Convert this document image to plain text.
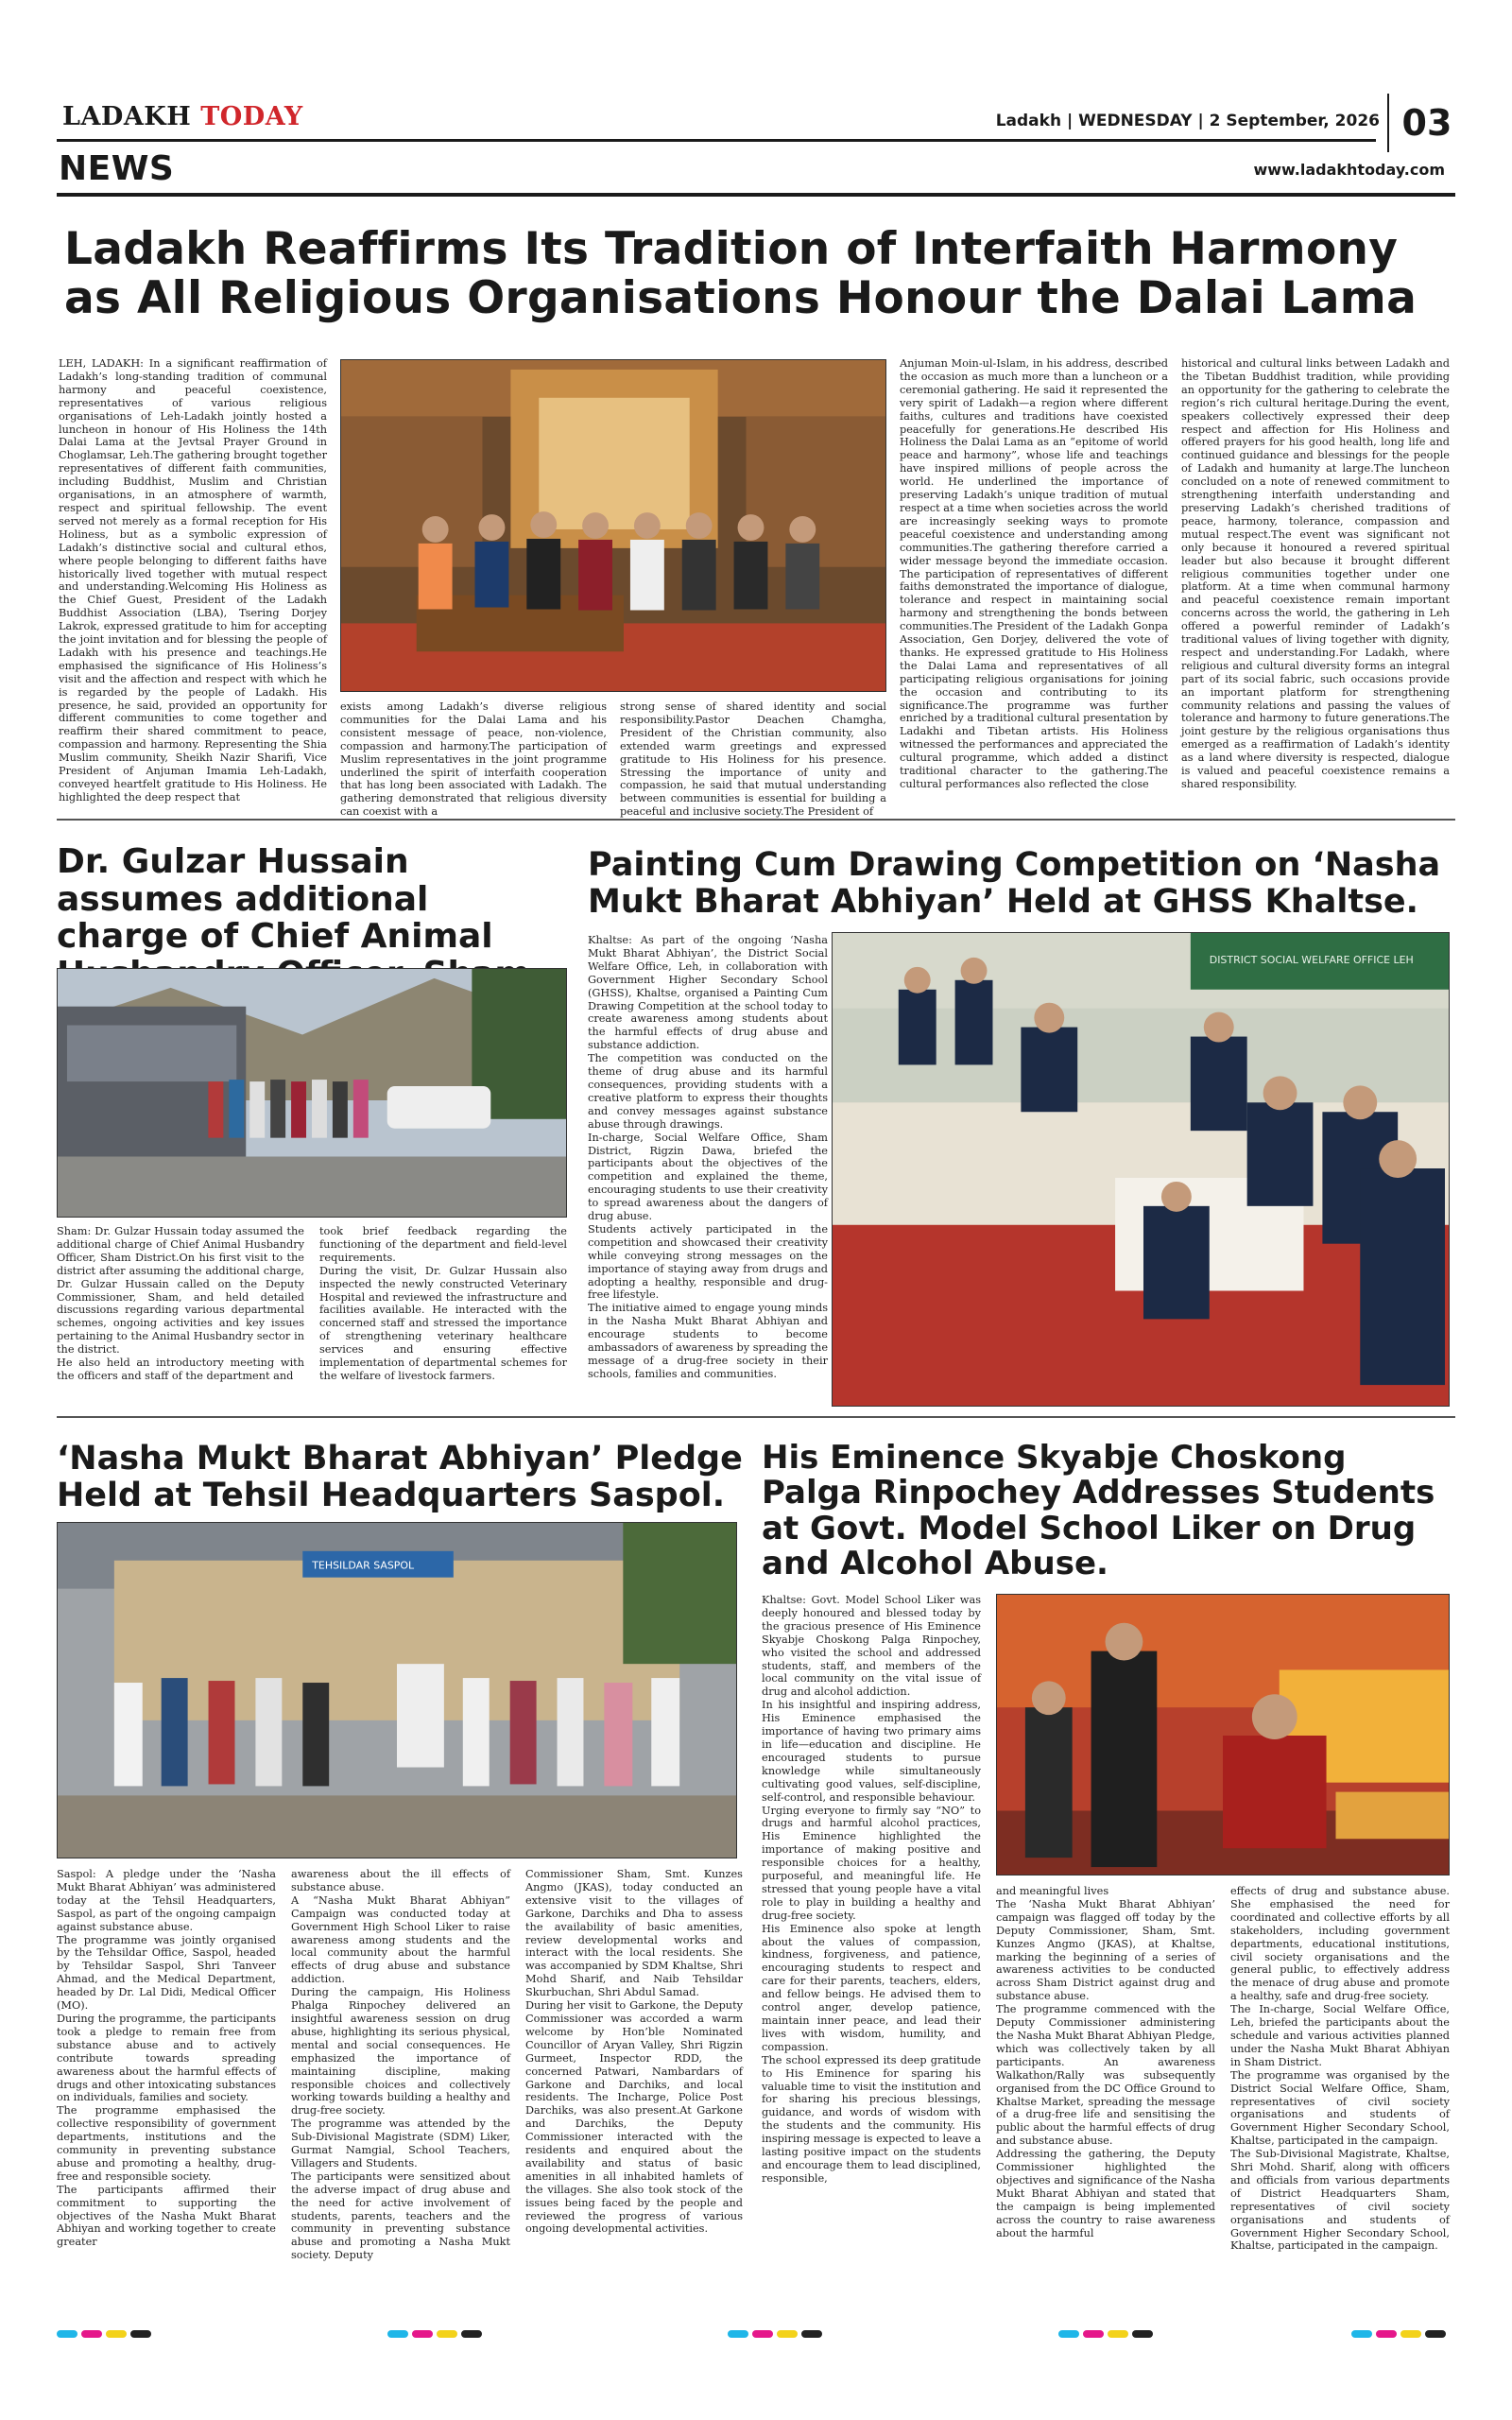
LADAKH TODAY	Ladakh | WEDNESDAY | 2 September, 2026 03
NEWS	www.ladakhtoday.com
Ladakh Reaffirms Its Tradition of Interfaith Harmony as All Religious Organisations Honour the Dalai Lama
LEH, LADAKH: In a significant reaffirmation of Ladakh’s long-standing tradition of communal harmony and peaceful coexistence, representatives of various religious organisations of Leh-Ladakh jointly hosted a luncheon in honour of His Holiness the 14th Dalai Lama at the Jevtsal Prayer Ground in Choglamsar, Leh.The gathering brought together representatives of different faith communities, including Buddhist, Muslim and Christian organisations, in an atmosphere of warmth, respect and spiritual fellowship. The event served not merely as a formal reception for His Holiness, but as a symbolic expression of Ladakh’s distinctive social and cultural ethos, where people belonging to different faiths have historically lived together with mutual respect and understanding.Welcoming His Holiness as the Chief Guest, President of the Ladakh Buddhist Association (LBA), Tsering Dorjey Lakrok, expressed gratitude to him for accepting the joint invitation and for blessing the people of Ladakh with his presence and teachings.He emphasised the significance of His Holiness’s visit and the affection and respect with which he is regarded by the people of Ladakh. His presence, he said, provided an opportunity for different communities to come together and reaffirm their shared commitment to peace, compassion and harmony. Representing the Shia Muslim community, Sheikh Nazir Sharifi, Vice President of Anjuman Imamia Leh-Ladakh, conveyed heartfelt gratitude to His Holiness. He highlighted the deep respect that
exists among Ladakh’s diverse religious communities for the Dalai Lama and his consistent message of peace, non-violence, compassion and harmony.The participation of Muslim representatives in the joint programme underlined the spirit of interfaith cooperation that has long been associated with Ladakh. The gathering demonstrated that religious diversity can coexist with a
strong sense of shared identity and social responsibility.Pastor Deachen Chamgha, President of the Christian community, also extended warm greetings and expressed gratitude to His Holiness for his presence. Stressing the importance of unity and compassion, he said that mutual understanding between communities is essential for building a peaceful and inclusive society.The President of
Anjuman Moin-ul-Islam, in his address, described the occasion as much more than a luncheon or a ceremonial gathering. He said it represented the very spirit of Ladakh—a region where different faiths, cultures and traditions have coexisted peacefully for generations.He described His Holiness the Dalai Lama as an “epitome of world peace and harmony”, whose life and teachings have inspired millions of people across the world. He underlined the importance of preserving Ladakh’s unique tradition of mutual respect at a time when societies across the world are increasingly seeking ways to promote peaceful coexistence and understanding among communities.The gathering therefore carried a wider message beyond the immediate occasion. The participation of representatives of different faiths demonstrated the importance of dialogue, tolerance and respect in maintaining social harmony and strengthening the bonds between communities.The President of the Ladakh Gonpa Association, Gen Dorjey, delivered the vote of thanks. He expressed gratitude to His Holiness the Dalai Lama and representatives of all participating religious organisations for joining the occasion and contributing to its significance.The programme was further enriched by a traditional cultural presentation by Ladakhi and Tibetan artists. His Holiness witnessed the performances and appreciated the cultural programme, which added a distinct traditional character to the gathering.The cultural performances also reflected the close
historical and cultural links between Ladakh and the Tibetan Buddhist tradition, while providing an opportunity for the gathering to celebrate the region’s rich cultural heritage.During the event, speakers collectively expressed their deep respect and affection for His Holiness and offered prayers for his good health, long life and continued guidance and blessings for the people of Ladakh and humanity at large.The luncheon concluded on a note of renewed commitment to strengthening interfaith understanding and preserving Ladakh’s cherished traditions of peace, harmony, tolerance, compassion and mutual respect.The event was significant not only because it honoured a revered spiritual leader but also because it brought different religious communities together under one platform. At a time when communal harmony and peaceful coexistence remain important concerns across the world, the gathering in Leh offered a powerful reminder of Ladakh’s traditional values of living together with dignity, respect and understanding.For Ladakh, where religious and cultural diversity forms an integral part of its social fabric, such occasions provide an important platform for strengthening community relations and passing the values of tolerance and harmony to future generations.The joint gesture by the religious organisations thus emerged as a reaffirmation of Ladakh’s identity as a land where diversity is respected, dialogue is valued and peaceful coexistence remains a shared responsibility.
Dr. Gulzar Hussain assumes additional charge of Chief Animal
Sham: Dr. Gulzar Hussain today assumed the additional charge of Chief Animal Husbandry Officer, Sham District.On his first visit to the district after assuming the additional charge, Dr. Gulzar Hussain called on the Deputy Commissioner, Sham, and held detailed discussions regarding various departmental schemes, ongoing activities and key issues pertaining to the Animal Husbandry sector in the district.
He also held an introductory meeting with the officers and staff of the department and
took brief feedback regarding the functioning of the department and field-level requirements.
During the visit, Dr. Gulzar Hussain also inspected the newly constructed Veterinary Hospital and reviewed the infrastructure and facilities available. He interacted with the concerned staff and stressed the importance of strengthening veterinary healthcare services and ensuring effective implementation of departmental schemes for the welfare of livestock farmers.
Painting Cum Drawing Competition on ‘Nasha Mukt Bharat Abhiyan’ Held at GHSS Khaltse.
Khaltse: As part of the ongoing ‘Nasha Mukt Bharat Abhiyan’, the District Social Welfare Office, Leh, in collaboration with Government Higher Secondary School (GHSS), Khaltse, organised a Painting Cum Drawing Competition at the school today to create awareness among students about the harmful effects of drug abuse and substance addiction.
The competition was conducted on the theme of drug abuse and its harmful consequences, providing students with a creative platform to express their thoughts and convey messages against substance abuse through drawings.
In-charge, Social Welfare Office, Sham District, Rigzin Dawa, briefed the participants about the objectives of the competition and explained the theme, encouraging students to use their creativity to spread awareness about the dangers of drug abuse.
Students actively participated in the competition and showcased their creativity while conveying strong messages on the importance of staying away from drugs and adopting a healthy, responsible and drug-free lifestyle.
The initiative aimed to engage young minds in the Nasha Mukt Bharat Abhiyan and encourage students to become ambassadors of awareness by spreading the message of a drug-free society in their schools, families and communities.
DISTRICT SOCIAL WELFARE OFFICE LEH
‘Nasha Mukt Bharat Abhiyan’ Pledge Held at Tehsil Headquarters Saspol.
TEHSILDAR SASPOL
Saspol: A pledge under the ‘Nasha Mukt Bharat Abhiyan’ was administered today at the Tehsil Headquarters, Saspol, as part of the ongoing campaign against substance abuse.
The programme was jointly organised by the Tehsildar Office, Saspol, headed by Tehsildar Saspol, Shri Tanveer Ahmad, and the Medical Department, headed by Dr. Lal Didi, Medical Officer (MO).
During the programme, the participants took a pledge to remain free from substance abuse and to actively contribute towards spreading awareness about the harmful effects of drugs and other intoxicating substances on individuals, families and society.
The programme emphasised the collective responsibility of government departments, institutions and the community in preventing substance abuse and promoting a healthy, drug-free and responsible society.
The participants affirmed their commitment to supporting the objectives of the Nasha Mukt Bharat Abhiyan and working together to create greater
awareness about the ill effects of substance abuse.
A “Nasha Mukt Bharat Abhiyan” Campaign was conducted today at Government High School Liker to raise awareness among students and the local community about the harmful effects of drug abuse and substance addiction.
During the campaign, His Holiness Phalga Rinpochey delivered an insightful awareness session on drug abuse, highlighting its serious physical, mental and social consequences. He emphasized the importance of maintaining discipline, making responsible choices and collectively working towards building a healthy and drug-free society.
The programme was attended by the Sub-Divisional Magistrate (SDM) Liker, Gurmat Namgial, School Teachers, Villagers and Students.
The participants were sensitized about the adverse impact of drug abuse and the need for active involvement of students, parents, teachers and the community in preventing substance abuse and promoting a Nasha Mukt society. Deputy
Commissioner Sham, Smt. Kunzes Angmo (JKAS), today conducted an extensive visit to the villages of Garkone, Darchiks and Dha to assess the availability of basic amenities, review developmental works and interact with the local residents. She was accompanied by SDM Khaltse, Shri Mohd Sharif, and Naib Tehsildar Skurbuchan, Shri Abdul Samad.
During her visit to Garkone, the Deputy Commissioner was accorded a warm welcome by Hon’ble Nominated Councillor of Aryan Valley, Shri Rigzin Gurmeet, Inspector RDD, the concerned Patwari, Nambardars of Garkone and Darchiks, and local residents. The Incharge, Police Post Darchiks, was also present.At Garkone and Darchiks, the Deputy Commissioner interacted with the residents and enquired about the availability and status of basic amenities in all inhabited hamlets of the villages. She also took stock of the issues being faced by the people and reviewed the progress of various ongoing developmental activities.
His Eminence Skyabje Choskong Palga Rinpochey Addresses Students at Govt. Model School Liker on Drug and Alcohol Abuse.
Khaltse: Govt. Model School Liker was deeply honoured and blessed today by the gracious presence of His Eminence Skyabje Choskong Palga Rinpochey, who visited the school and addressed students, staff, and members of the local community on the vital issue of drug and alcohol addiction.
In his insightful and inspiring address, His Eminence emphasised the importance of having two primary aims in life—education and discipline. He encouraged students to pursue knowledge while simultaneously cultivating good values, self-discipline, self-control, and responsible behaviour.
Urging everyone to firmly say “NO” to drugs and harmful alcohol practices, His Eminence highlighted the importance of making positive and responsible choices for a healthy, purposeful, and meaningful life. He stressed that young people have a vital role to play in building a healthy and drug-free society.
His Eminence also spoke at length about the values of compassion, kindness, forgiveness, and patience, encouraging students to respect and care for their parents, teachers, elders, and fellow beings. He advised them to control anger, develop patience, maintain inner peace, and lead their lives with wisdom, humility, and compassion.
The school expressed its deep gratitude to His Eminence for sparing his valuable time to visit the institution and for sharing his precious blessings, guidance, and words of wisdom with the students and the community. His inspiring message is expected to leave a lasting positive impact on the students and encourage them to lead disciplined, responsible,
and meaningful lives
The ‘Nasha Mukt Bharat Abhiyan’ campaign was flagged off today by the Deputy Commissioner, Sham, Smt. Kunzes Angmo (JKAS), at Khaltse, marking the beginning of a series of awareness activities to be conducted across Sham District against drug and substance abuse.
The programme commenced with the Deputy Commissioner administering the Nasha Mukt Bharat Abhiyan Pledge, which was collectively taken by all participants. An awareness Walkathon/Rally was subsequently organised from the DC Office Ground to Khaltse Market, spreading the message of a drug-free life and sensitising the public about the harmful effects of drug and substance abuse.
Addressing the gathering, the Deputy Commissioner highlighted the objectives and significance of the Nasha Mukt Bharat Abhiyan and stated that the campaign is being implemented across the country to raise awareness about the harmful
effects of drug and substance abuse. She emphasised the need for coordinated and collective efforts by all stakeholders, including government departments, educational institutions, civil society organisations and the general public, to effectively address the menace of drug abuse and promote a healthy, safe and drug-free society.
The In-charge, Social Welfare Office, Leh, briefed the participants about the schedule and various activities planned under the Nasha Mukt Bharat Abhiyan in Sham District.
The programme was organised by the District Social Welfare Office, Sham, representatives of civil society organisations and students of Government Higher Secondary School, Khaltse, participated in the campaign.
The Sub-Divisional Magistrate, Khaltse, Shri Mohd. Sharif, along with officers and officials from various departments of District Headquarters Sham, representatives of civil society organisations and students of Government Higher Secondary School, Khaltse, participated in the campaign.
